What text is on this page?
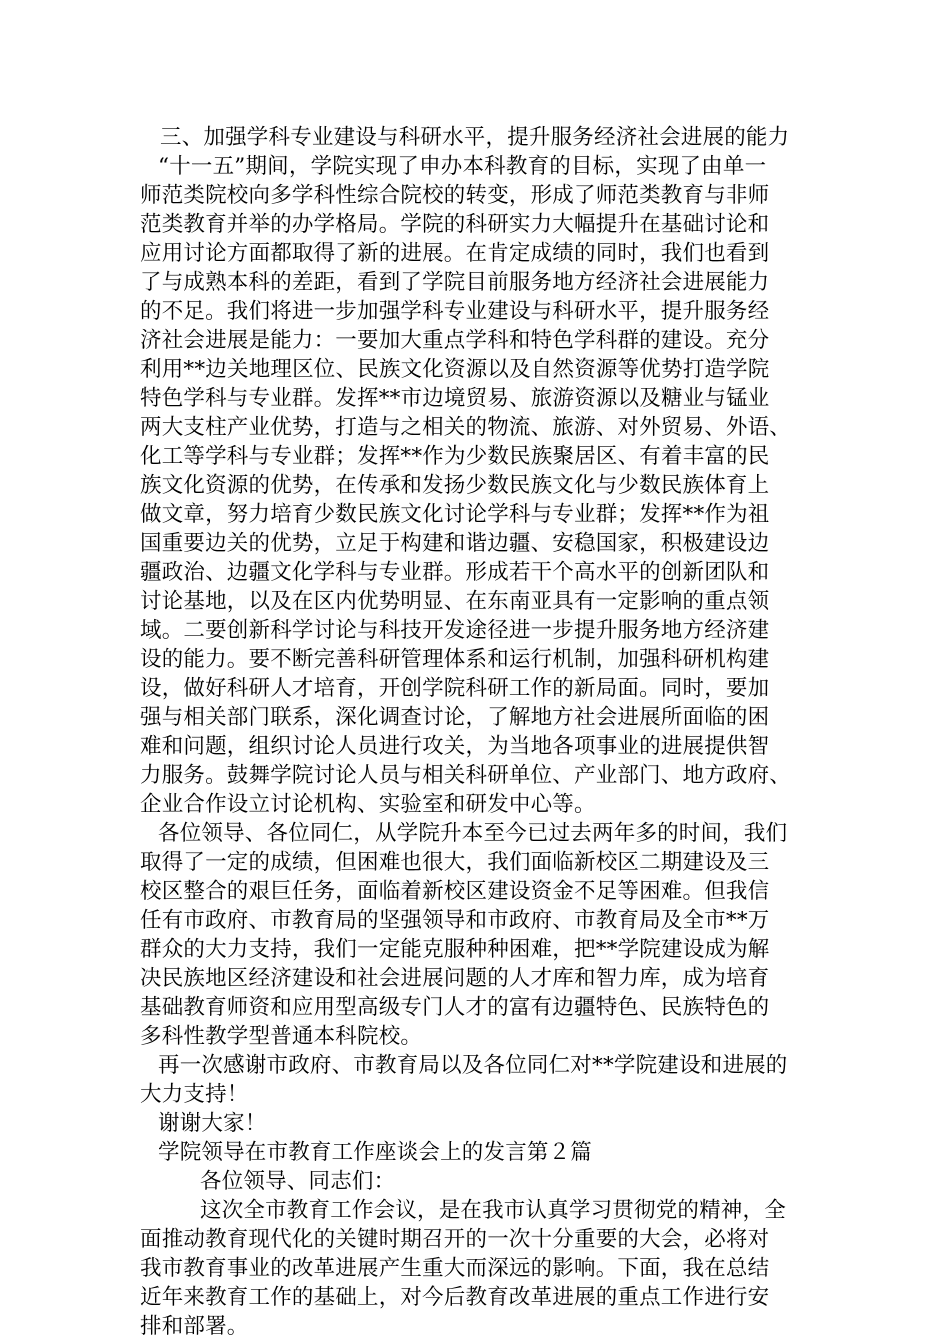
三、加强学科专业建设与科研水平，提升服务经济社会进展的能力
“十一五”期间，学院实现了申办本科教育的目标，实现了由单一
师范类院校向多学科性综合院校的转变，形成了师范类教育与非师
范类教育并举的办学格局。学院的科研实力大幅提升在基础讨论和
应用讨论方面都取得了新的进展。在肯定成绩的同时，我们也看到
了与成熟本科的差距，看到了学院目前服务地方经济社会进展能力
的不足。我们将进一步加强学科专业建设与科研水平，提升服务经
济社会进展是能力：一要加大重点学科和特色学科群的建设。充分
利用**边关地理区位、民族文化资源以及自然资源等优势打造学院
特色学科与专业群。发挥**市边境贸易、旅游资源以及糖业与锰业
两大支柱产业优势，打造与之相关的物流、旅游、对外贸易、外语、
化工等学科与专业群；发挥**作为少数民族聚居区、有着丰富的民
族文化资源的优势，在传承和发扬少数民族文化与少数民族体育上
做文章，努力培育少数民族文化讨论学科与专业群；发挥**作为祖
国重要边关的优势，立足于构建和谐边疆、安稳国家，积极建设边
疆政治、边疆文化学科与专业群。形成若干个高水平的创新团队和
讨论基地，以及在区内优势明显、在东南亚具有一定影响的重点领
域。二要创新科学讨论与科技开发途径进一步提升服务地方经济建
设的能力。要不断完善科研管理体系和运行机制，加强科研机构建
设，做好科研人才培育，开创学院科研工作的新局面。同时，要加
强与相关部门联系，深化调查讨论，了解地方社会进展所面临的困
难和问题，组织讨论人员进行攻关，为当地各项事业的进展提供智
力服务。鼓舞学院讨论人员与相关科研单位、产业部门、地方政府、
企业合作设立讨论机构、实验室和研发中心等。
各位领导、各位同仁，从学院升本至今已过去两年多的时间，我们
取得了一定的成绩，但困难也很大，我们面临新校区二期建设及三
校区整合的艰巨任务，面临着新校区建设资金不足等困难。但我信
任有市政府、市教育局的坚强领导和市政府、市教育局及全市**万
群众的大力支持，我们一定能克服种种困难，把**学院建设成为解
决民族地区经济建设和社会进展问题的人才库和智力库，成为培育
基础教育师资和应用型高级专门人才的富有边疆特色、民族特色的
多科性教学型普通本科院校。
再一次感谢市政府、市教育局以及各位同仁对**学院建设和进展的
大力支持！
谢谢大家！
学院领导在市教育工作座谈会上的发言第２篇
各位领导、同志们：
这次全市教育工作会议，是在我市认真学习贯彻党的精神，全
面推动教育现代化的关键时期召开的一次十分重要的大会，必将对
我市教育事业的改革进展产生重大而深远的影响。下面，我在总结
近年来教育工作的基础上，对今后教育改革进展的重点工作进行安
排和部署。
